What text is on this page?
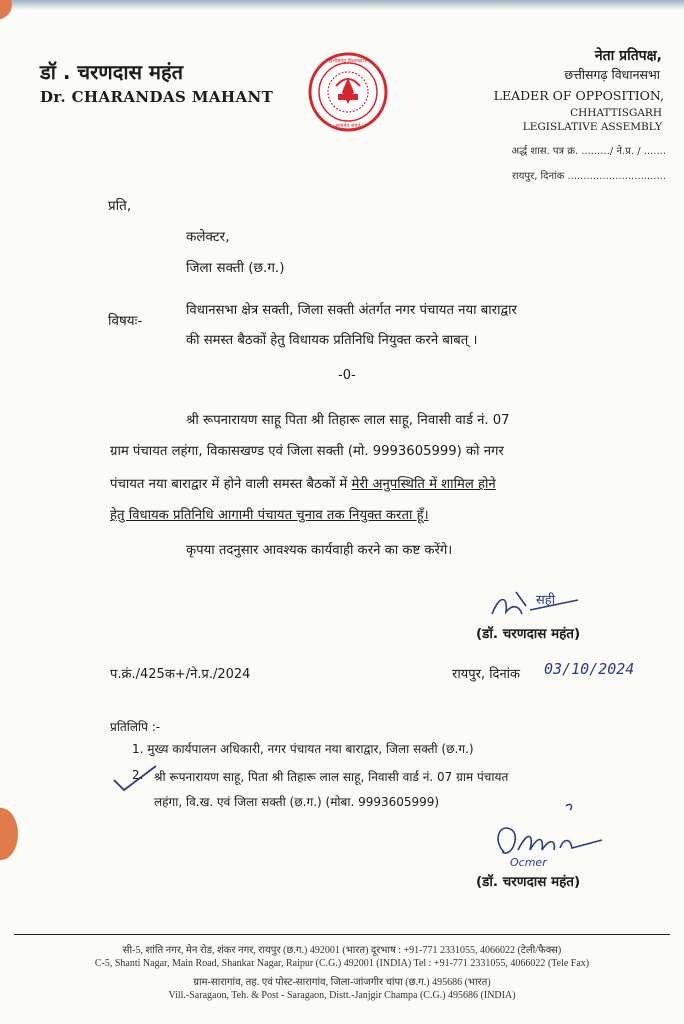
डॉ . चरणदास महंत
Dr. CHARANDAS MAHANT
छत्तीसगढ़ विधानसभा
सत्यमेव जयते
नेता प्रतिपक्ष,
छत्तीसगढ़ विधानसभा
LEADER OF OPPOSITION,
CHHATTISGARH
LEGISLATIVE ASSEMBLY
अर्द्ध शास. पत्र क्र. ........./ ने.प्र. / .......
रायपुर, दिनांक ...............................
प्रति,
कलेक्टर,
जिला सक्ती (छ.ग.)
विषयः-
विधानसभा क्षेत्र सक्ती, जिला सक्ती अंतर्गत नगर पंचायत नया बाराद्वार
की समस्त बैठकों हेतु विधायक प्रतिनिधि नियुक्त करने बाबत् ।
-0-
श्री रूपनारायण साहू पिता श्री तिहारू लाल साहू, निवासी वार्ड नं. 07
ग्राम पंचायत लहंगा, विकासखण्ड एवं जिला सक्ती (मो. 9993605999) को नगर
पंचायत नया बाराद्वार में होने वाली समस्त बैठकों में मेरी अनुपस्थिति में शामिल होने
हेतु विधायक प्रतिनिधि आगामी पंचायत चुनाव तक नियुक्त करता हूँ।
कृपया तदनुसार आवश्यक कार्यवाही करने का कष्ट करेंगे।
सही
(डॉ. चरणदास महंत)
प.क्रं./425क+/ने.प्र./2024	रायपुर, दिनांक 03/10/2024
प्रतिलिपि :-
1. मुख्य कार्यपालन अधिकारी, नगर पंचायत नया बाराद्वार, जिला सक्ती (छ.ग.)
2. श्री रूपनारायण साहू, पिता श्री तिहारू लाल साहू, निवासी वार्ड नं. 07 ग्राम पंचायत
लहंगा, वि.ख. एवं जिला सक्ती (छ.ग.) (मोबा. 9993605999)
Ocmer
(डॉ. चरणदास महंत)
सी-5, शांति नगर, मेन रोड, शंकर नगर, रायपुर (छ.ग.) 492001 (भारत) दूरभाष : +91-771 2331055, 4066022 (टेली/फैक्स)
C-5, Shanti Nagar, Main Road, Shankar Nagar, Raipur (C.G.) 492001 (INDIA) Tel : +91-771 2331055, 4066022 (Tele Fax)
ग्राम-सारागांव, तह. एवं पोस्ट-सारागांव, जिला-जांजगीर चांपा (छ.ग.) 495686 (भारत)
Vill.-Saragaon, Teh. & Post - Saragaon, Distt.-Janjgir Champa (C.G.) 495686 (INDIA)
